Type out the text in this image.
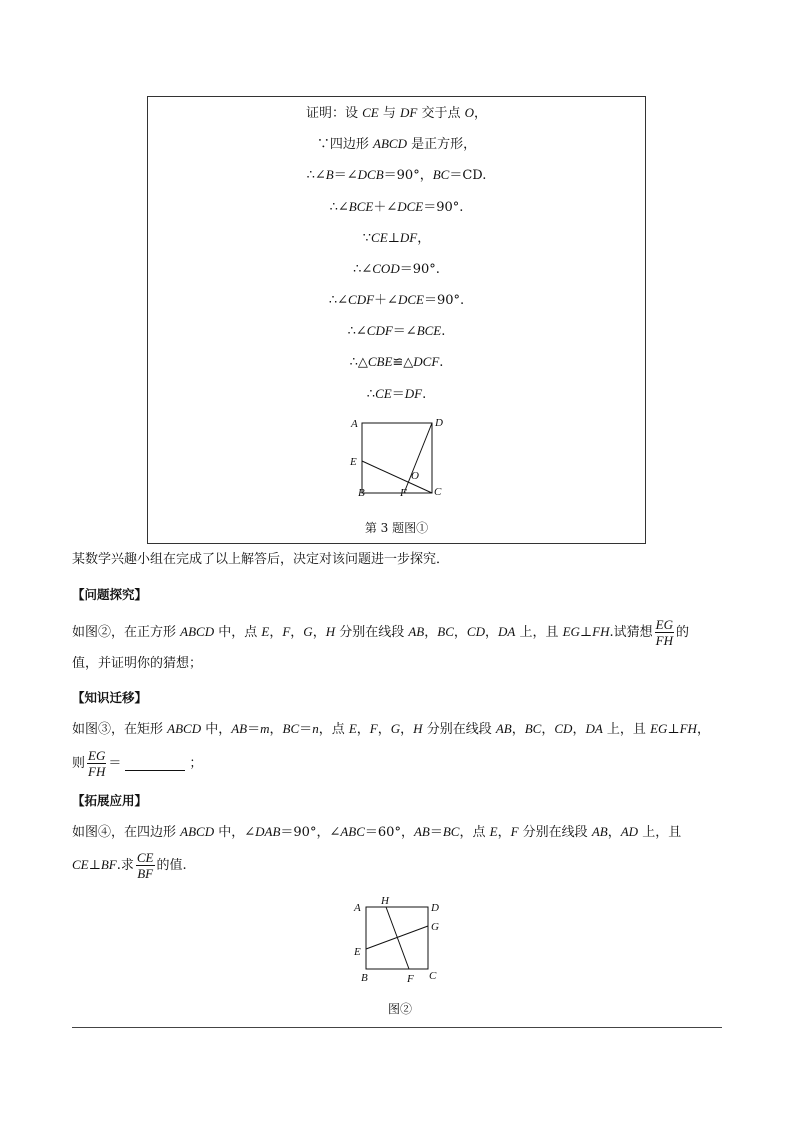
证明：设 CE 与 DF 交于点 O，
∵四边形 ABCD 是正方形，
∴∠B＝∠DCB＝90°，BC＝CD.
∴∠BCE＋∠DCE＝90°.
∵CE⊥DF，
∴∠COD＝90°.
∴∠CDF＋∠DCE＝90°.
∴∠CDF＝∠BCE.
∴△CBE≌△DCF.
∴CE＝DF.
A	D
E
O
B	F C
第 3 题图①
某数学兴趣小组在完成了以上解答后，决定对该问题进一步探究．
【问题探究】
如图②，在正方形 ABCD 中，点 E，F，G，H 分别在线段 AB，BC，CD，DA 上，且 EG⊥FH.试猜想 $\frac{EG}{FH}$ 的
值，并证明你的猜想；
【知识迁移】
如图③，在矩形 ABCD 中，AB＝m，BC＝n，点 E，F，G，H 分别在线段 AB，BC，CD，DA 上，且 EG⊥FH，
则 $\frac{EG}{FH}$ ＝	；
【拓展应用】
如图④，在四边形 ABCD 中，∠DAB＝90°，∠ABC＝60°，AB＝BC，点 E，F 分别在线段 AB，AD 上，且
CE⊥BF.求 $\frac{CE}{BF}$ 的值.
A
H
D
G
E
B	F C
图②
